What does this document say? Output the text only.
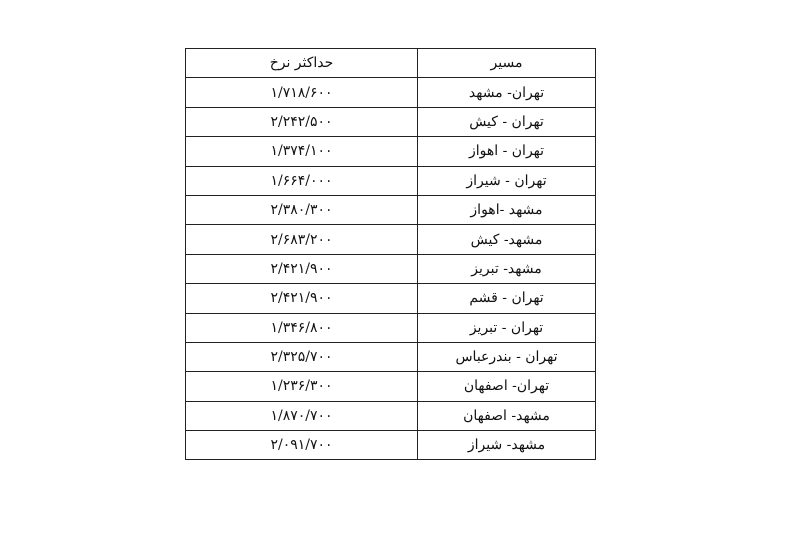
حداکثر نرخ	مسیر
۱/۷۱۸/۶۰۰	تهران- مشهد
۲/۲۴۲/۵۰۰	تهران - کیش
۱/۳۷۴/۱۰۰	تهران - اهواز
۱/۶۶۴/۰۰۰	تهران - شیراز
۲/۳۸۰/۳۰۰	مشهد -اهواز
۲/۶۸۳/۲۰۰	مشهد- کیش
۲/۴۲۱/۹۰۰	مشهد- تبریز
۲/۴۲۱/۹۰۰	تهران - قشم
۱/۳۴۶/۸۰۰	تهران - تبریز
۲/۳۲۵/۷۰۰	تهران - بندرعباس
۱/۲۳۶/۳۰۰	تهران- اصفهان
۱/۸۷۰/۷۰۰	مشهد- اصفهان
۲/۰۹۱/۷۰۰	مشهد- شیراز
